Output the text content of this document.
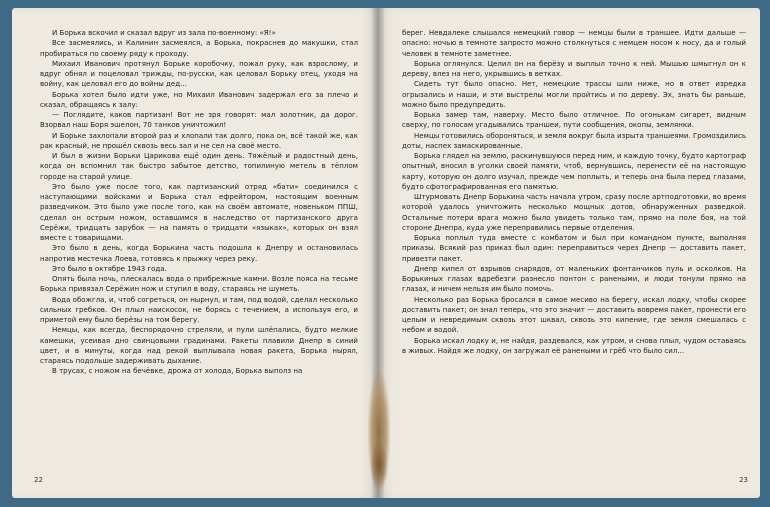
И Борька вскочил и сказал вдруг из зала по-военному: «Я!»

Все засмеялись, и Калинин засмеялся, а Борька, покраснев до макушки, стал пробираться по своему ряду к проходу.

Михаил Иванович протянул Борьке коробочку, пожал руку, как взрослому, и вдруг обнял и поцеловал трижды, по-русски, как целовал Борьку отец, уходя на войну, как целовал его до войны дед...

Борька хотел было идти уже, но Михаил Иванович задержал его за плечо и сказал, обращаясь к залу:

— Поглядите, каков партизан! Вот не зря говорят: мал золотник, да дорог. Взорвал наш Боря эшелон, 70 танков уничтожил!

И Борьке захлопали второй раз и хлопали так долго, пока он, всё такой же, как рак красный, не прошёл сквозь весь зал и не сел на своё место.

И был в жизни Борьки Царикова ещё один день. Тяжёлый и радостный день, когда он вспомнил так быстро забытое детство, топилиную метель в тёплом городе на старой улице.

Это было уже после того, как партизанский отряд «бати» соединился с наступающими войсками и Борька стал ефрейтором, настоящим военным разведчиком. Это было уже после того, как на своём автомате, новеньком ППШ, сделал он острым ножом, оставшимся в наследство от партизанского друга Серёжи, тридцать зарубок — на память о тридцати «языках», которых он взял вместе с товарищами.

Это было в день, когда Борькина часть подошла к Днепру и остановилась напротив местечка Лоева, готовясь к прыжку через реку.

Это было в октябре 1943 года.

Опять была ночь, плескалась вода о прибрежные камни. Возле пояса на тесьме Борька привязал Серёжин нож и ступил в воду, стараясь не шуметь.

Вода обожгла, и, чтоб согреться, он нырнул, и там, под водой, сделал несколько сильных гребков. Он плыл наискосок, не борясь с течением, а используя его, и приметой ему было берёзы на том берегу.

Немцы, как всегда, беспорядочно стреляли, и пули шлёпались, будто мелкие камешки, усеивая дно свинцовыми градинами. Ракеты плавили Днепр в синий цвет, и в минуты, когда над рекой выплывала новая ракета, Борька нырял, стараясь подольше задерживать дыхание.

В трусах, с ножом на бечёвке, дрожа от холода, Борька выполз на

22

берег. Невдалеке слышался немецкий говор — немцы были в траншее. Идти дальше — опасно: ночью в темноте запросто можно столкнуться с немцем носом к носу, да и голый человек в темноте заметнее.

Борька оглянулся. Целил он на берёзу и выплыл точно к ней. Мышью шмыгнул он к дереву, влез на него, укрывшись в ветках.

Сидеть тут было опасно. Нет, немецкие трассы шли ниже, но в ответ изредка огрызались и наши, и эти выстрелы могли пройтись и по дереву. Эх, знать бы раньше, можно было предупредить.

Борька замер там, наверху. Место было отличное. По огонькам сигарет, видным сверху, по голосам угадывались траншеи, пути сообщения, окопы, землянки.

Немцы готовились обороняться, и земля вокруг была изрыта траншеями. Громоздились доты, наспех замаскированные.

Борька глядел на землю, раскинувшуюся перед ним, и каждую точку, будто картограф опытный, вносил в уголки своей памяти, чтоб, вернувшись, перенести её на настоящую карту, которую он долго изучал, прежде чем поплыть, и теперь она была перед глазами, будто сфотографированная его памятью.

Штурмовать Днепр Борькина часть начала утром, сразу после артподготовки, во время которой удалось уничтожить несколько мощных дотов, обнаруженных разведкой. Остальные потери врага можно было увидеть только там, прямо на поле боя, на той стороне Днепра, куда уже переправились первые отделения.

Борька поплыл туда вместе с комбатом и был при командном пункте, выполняя приказы. Всякий раз приказ был один: переправиться через Днепр — доставить пакет, привезти пакет.

Днепр кипел от взрывов снарядов, от маленьких фонтанчиков пуль и осколков. На Борькиных глазах вдребезги разнесло понтон с ранеными, и люди тонули прямо на глазах, и ничем нельзя им было помочь.

Несколько раз Борька бросался в самое месиво на берегу, искал лодку, чтобы скорее доставить пакет; он знал теперь, что это значит — доставить вовремя пакет, пронести его целым и невредимым сквозь этот шквал, сквозь это кипение, где земля смешалась с небом и водой.

Борька искал лодку и, не найдя, раздевался, как утром, и снова плыл, чудом оставаясь в живых. Найдя же лодку, он загружал её ранеными и грёб что было сил...

23
